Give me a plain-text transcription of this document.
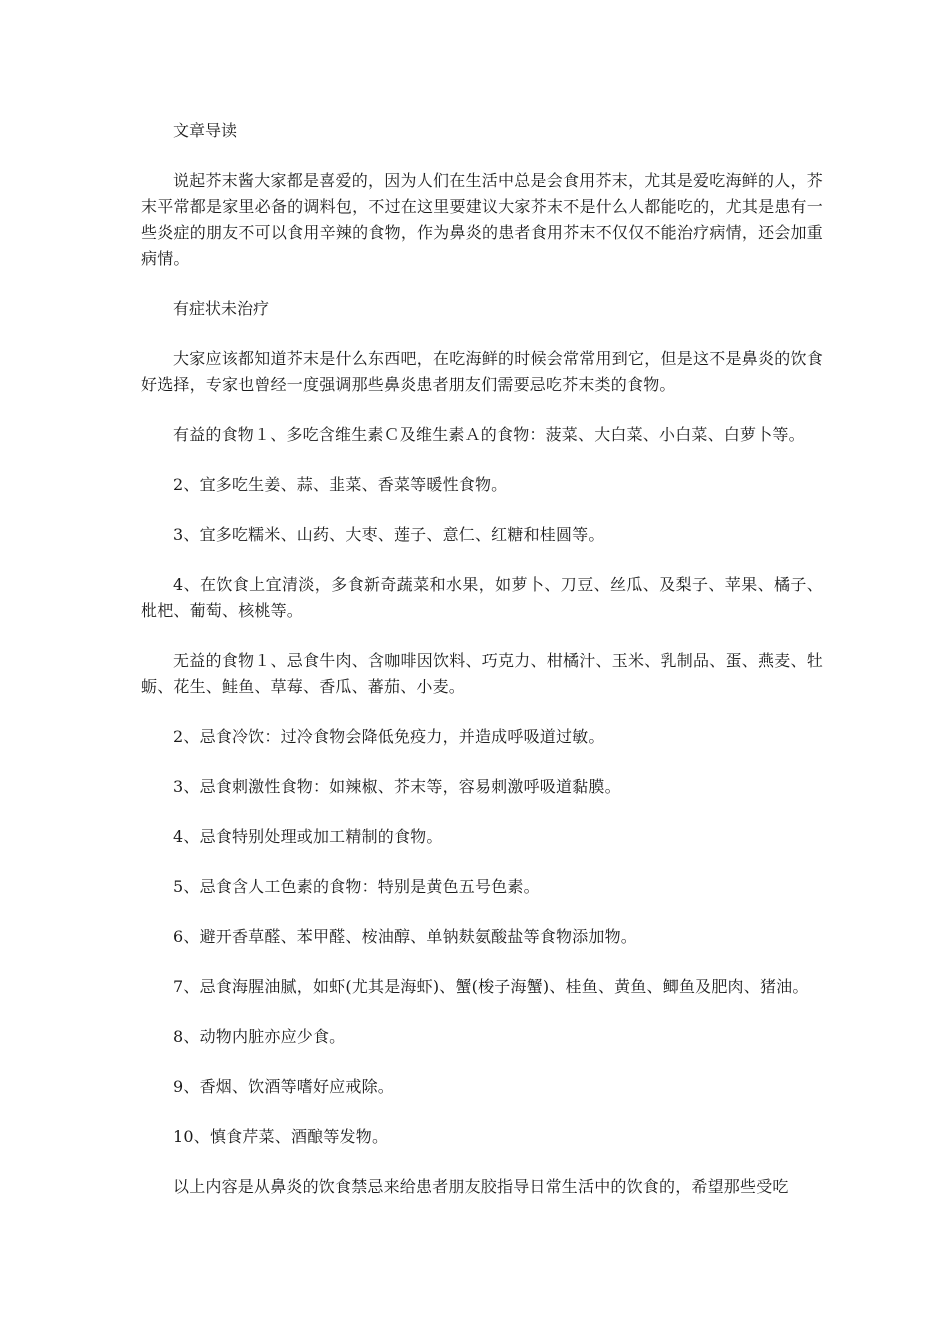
文章导读

说起芥末酱大家都是喜爱的，因为人们在生活中总是会食用芥末，尤其是爱吃海鲜的人，芥末平常都是家里必备的调料包，不过在这里要建议大家芥末不是什么人都能吃的，尤其是患有一些炎症的朋友不可以食用辛辣的食物，作为鼻炎的患者食用芥末不仅仅不能治疗病情，还会加重病情。

有症状未治疗

大家应该都知道芥末是什么东西吧，在吃海鲜的时候会常常用到它，但是这不是鼻炎的饮食好选择，专家也曾经一度强调那些鼻炎患者朋友们需要忌吃芥末类的食物。

有益的食物１、多吃含维生素Ｃ及维生素Ａ的食物：菠菜、大白菜、小白菜、白萝卜等。

2、宜多吃生姜、蒜、韭菜、香菜等暖性食物。

3、宜多吃糯米、山药、大枣、莲子、意仁、红糖和桂圆等。

4、在饮食上宜清淡，多食新奇蔬菜和水果，如萝卜、刀豆、丝瓜、及梨子、苹果、橘子、枇杷、葡萄、核桃等。

无益的食物１、忌食牛肉、含咖啡因饮料、巧克力、柑橘汁、玉米、乳制品、蛋、燕麦、牡蛎、花生、鲑鱼、草莓、香瓜、蕃茄、小麦。

2、忌食冷饮：过冷食物会降低免疫力，并造成呼吸道过敏。

3、忌食刺激性食物：如辣椒、芥末等，容易刺激呼吸道黏膜。

4、忌食特别处理或加工精制的食物。

5、忌食含人工色素的食物：特别是黄色五号色素。

6、避开香草醛、苯甲醛、桉油醇、单钠麸氨酸盐等食物添加物。

7、忌食海腥油腻，如虾(尤其是海虾)、蟹(梭子海蟹)、桂鱼、黄鱼、鲫鱼及肥肉、猪油。

8、动物内脏亦应少食。

9、香烟、饮酒等嗜好应戒除。

10、慎食芹菜、酒酿等发物。

以上内容是从鼻炎的饮食禁忌来给患者朋友胶指导日常生活中的饮食的，希望那些受吃
